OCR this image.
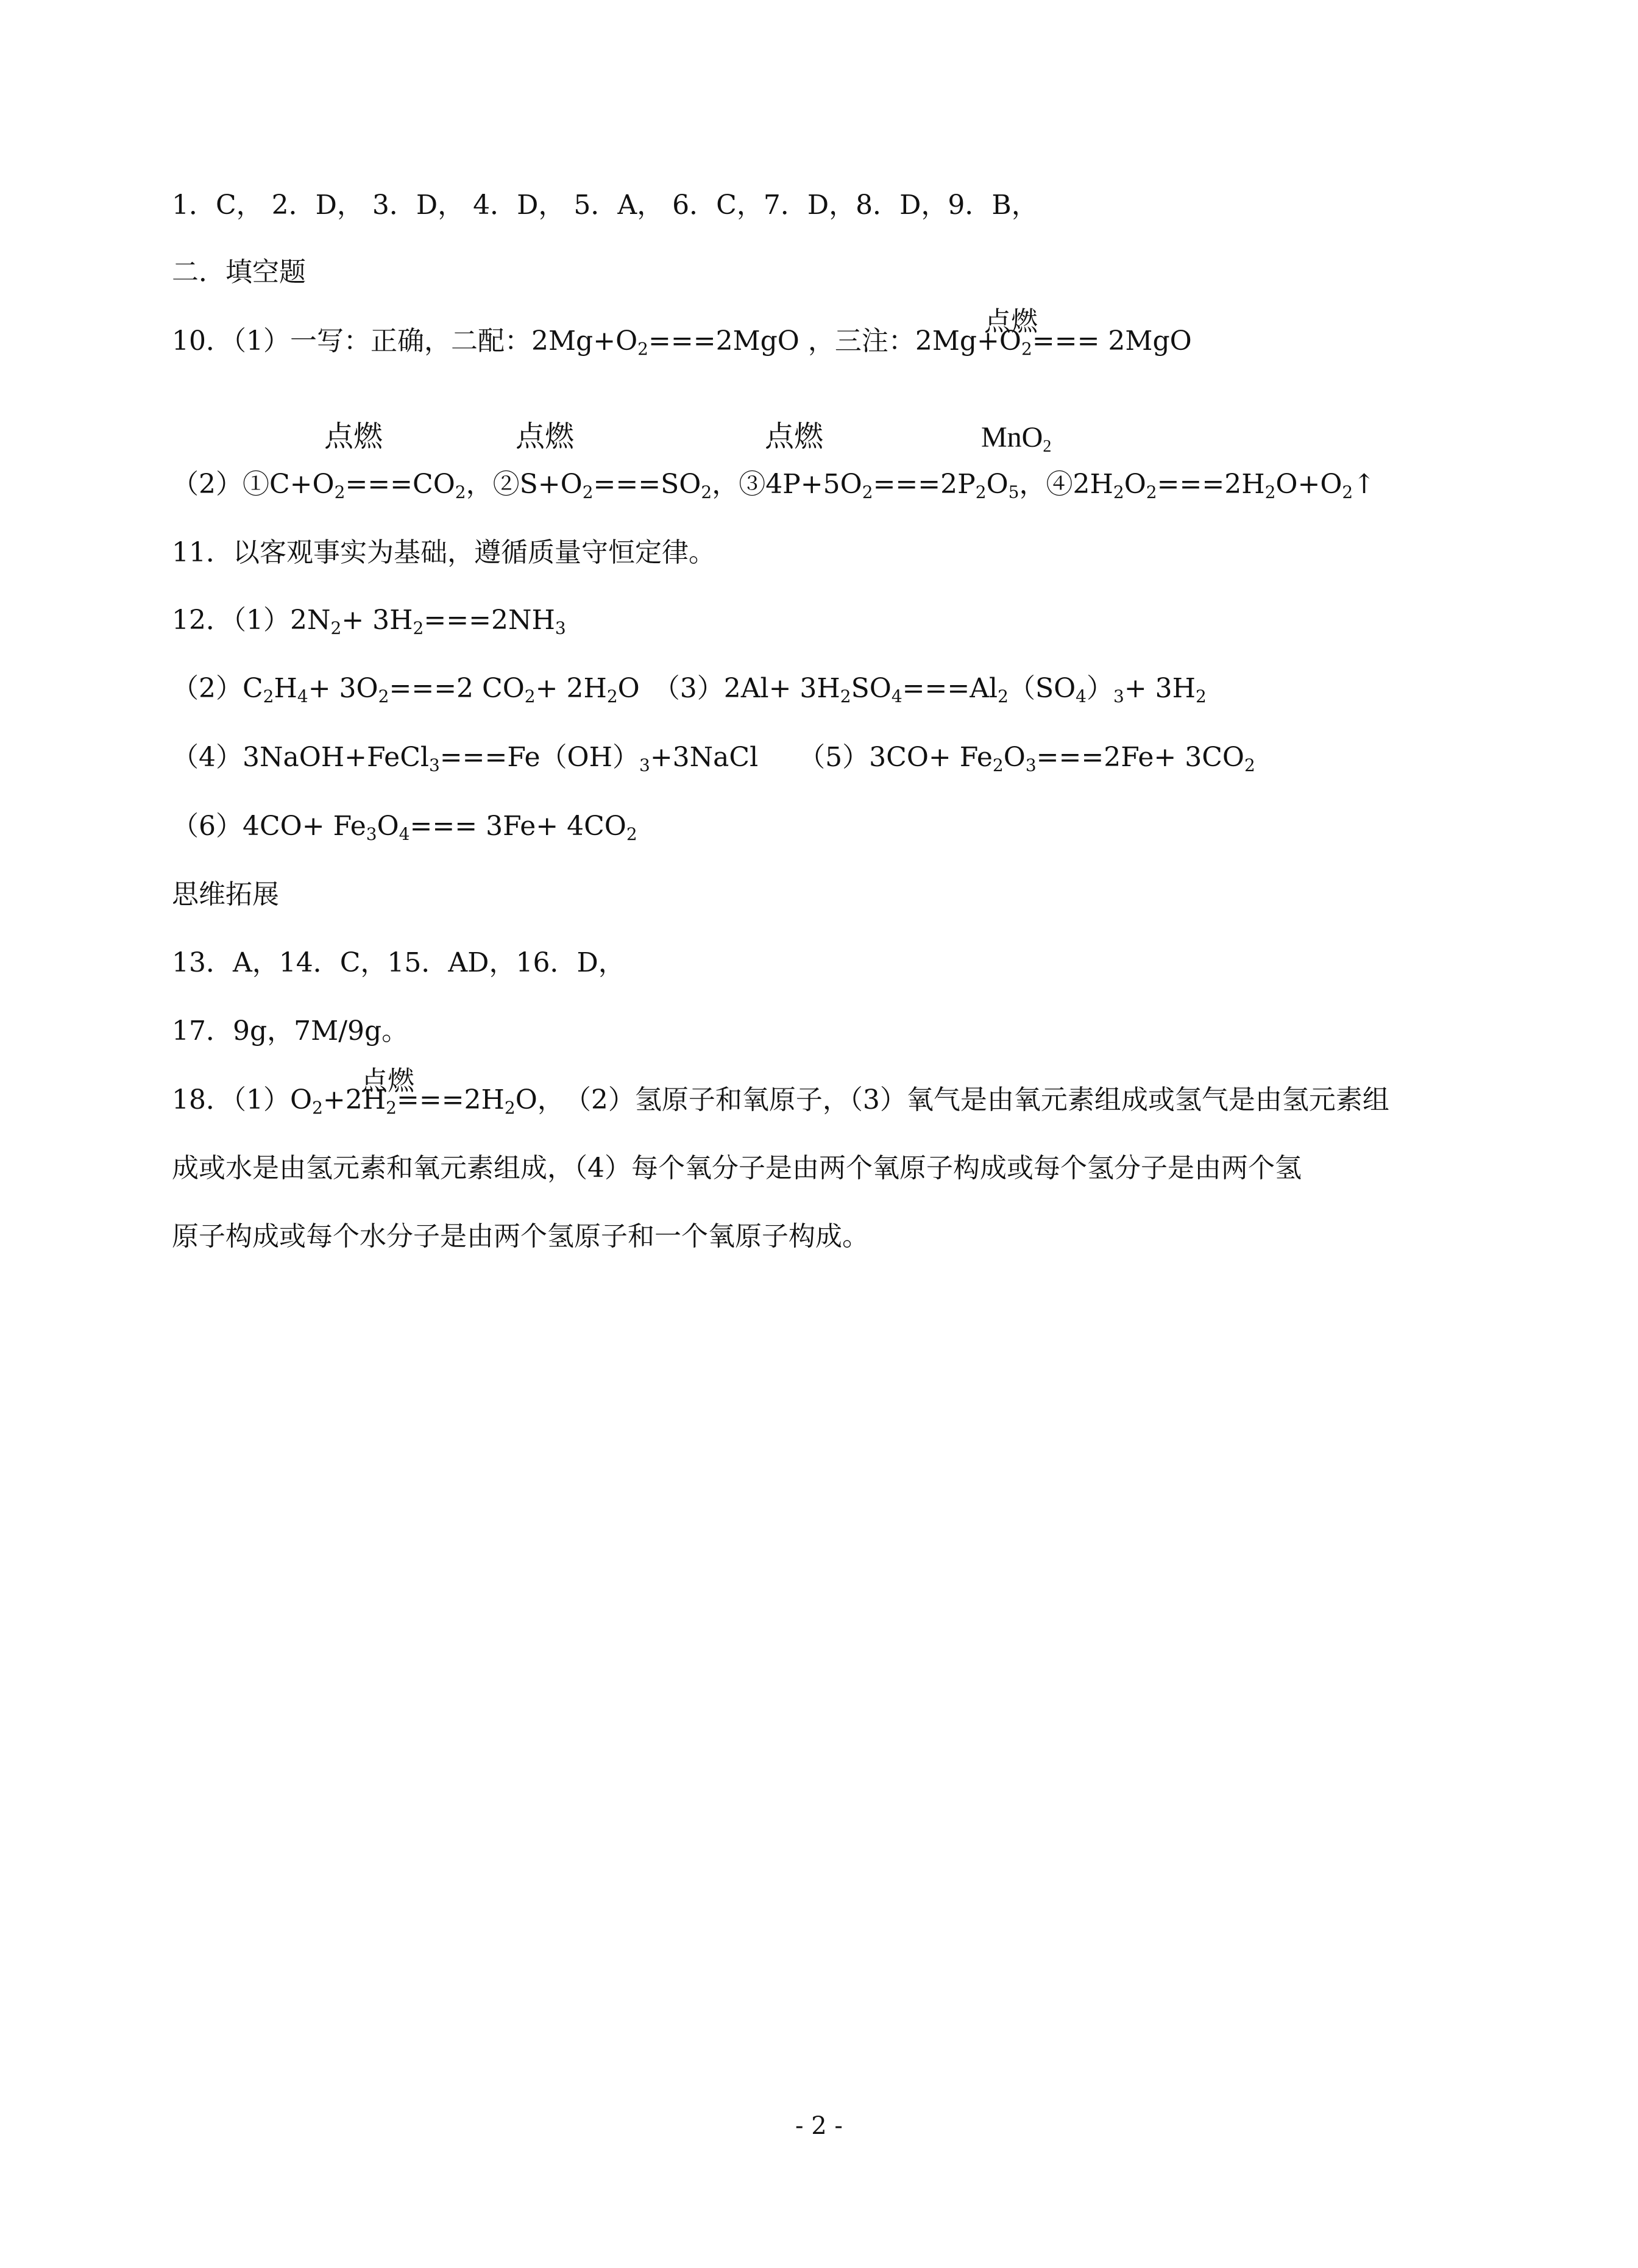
1．C， 2．D， 3．D， 4．D， 5．A， 6．C，7．D，8．D，9．B，
二．填空题
点燃
10．（1）一写：正确，二配：$2Mg+O_2===2MgO$ ，三注：$2Mg+O_2=== 2MgO$
点燃	点燃	点燃	MnO$_2$
$(2)①C+O_2===CO_2$，$②S+O_2===SO_2$，$③4P+5O_2===2P_2O_5$，$④2H_2O_2===2H_2O+O_2↑$
11．以客观事实为基础，遵循质量守恒定律。
12．$(1)2N_2+ 3H_2===2NH_3$
$(2)C_2H_4+ 3O_2===2$ $CO_2+ 2H_2O$　$(3)2Al+ 3H_2SO_4===Al_2(SO_4)_3+ 3H_2$
$(4)3NaOH+FeCl_3===Fe(OH)_3+3NaCl$　　$(5)3CO+ Fe_2O_3===2Fe+ 3CO_2$
$(6)4CO+ Fe_3O_4=== 3Fe+ 4CO_2$
思维拓展
13．A，14．C，15．AD，16．D，
17．9g，7M/9g。
点燃
18．$(1)O_2+2H_2===2H_2O$，　（2）氢原子和氧原子，（3）氧气是由氧元素组成或氢气是由氢元素组
成或水是由氢元素和氧元素组成，（4）每个氧分子是由两个氧原子构成或每个氢分子是由两个氢
原子构成或每个水分子是由两个氢原子和一个氧原子构成。
- 2 -
